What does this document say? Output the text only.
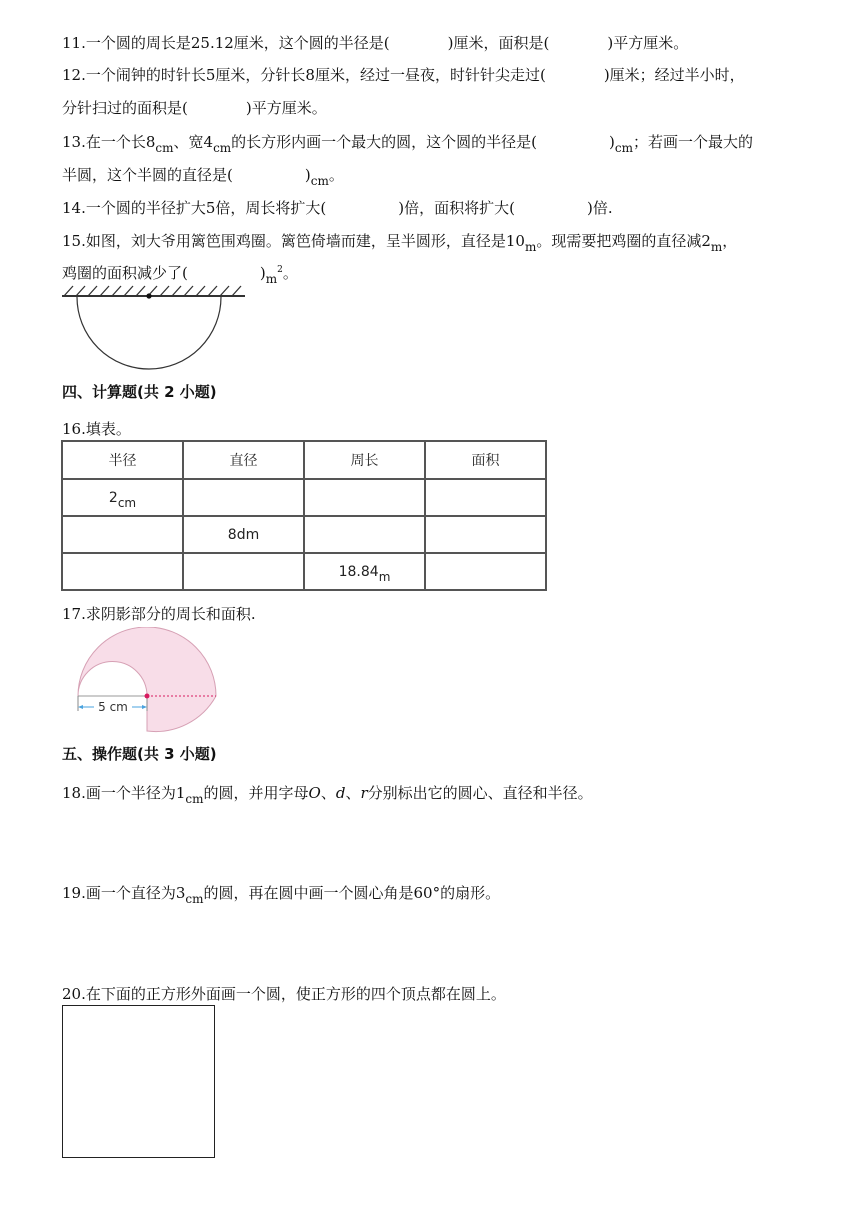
11.一个圆的周长是25.12厘米，这个圆的半径是(	)厘米，面积是(	)平方厘米。
12.一个闹钟的时针长5厘米，分针长8厘米，经过一昼夜，时针针尖走过(	)厘米；经过半小时，
分针扫过的面积是(	)平方厘米。
13.在一个长$8_{cm}$、宽$4_{cm}$的长方形内画一个最大的圆，这个圆的半径是(	)$_{cm}$；若画一个最大的
半圆，这个半圆的直径是(	)$_{cm}$。
14.一个圆的半径扩大5倍，周长将扩大(	)倍，面积将扩大(	)倍.
15.如图，刘大爷用篱笆围鸡圈。篱笆倚墙而建，呈半圆形，直径是$10_m$。现需要把鸡圈的直径减$2_m$，
鸡圈的面积减少了(	)$_m^2$。
四、计算题(共 2 小题)
16.填表。
半径	直径	周长	面积
2cm			
	8dm		
		18.84m	
17.求阴影部分的周长和面积.
5 cm
五、操作题(共 3 小题)
18.画一个半径为$1_{cm}$的圆，并用字母O、d、r分别标出它的圆心、直径和半径。
19.画一个直径为$3_{cm}$的圆，再在圆中画一个圆心角是60°的扇形。
20.在下面的正方形外面画一个圆，使正方形的四个顶点都在圆上。
